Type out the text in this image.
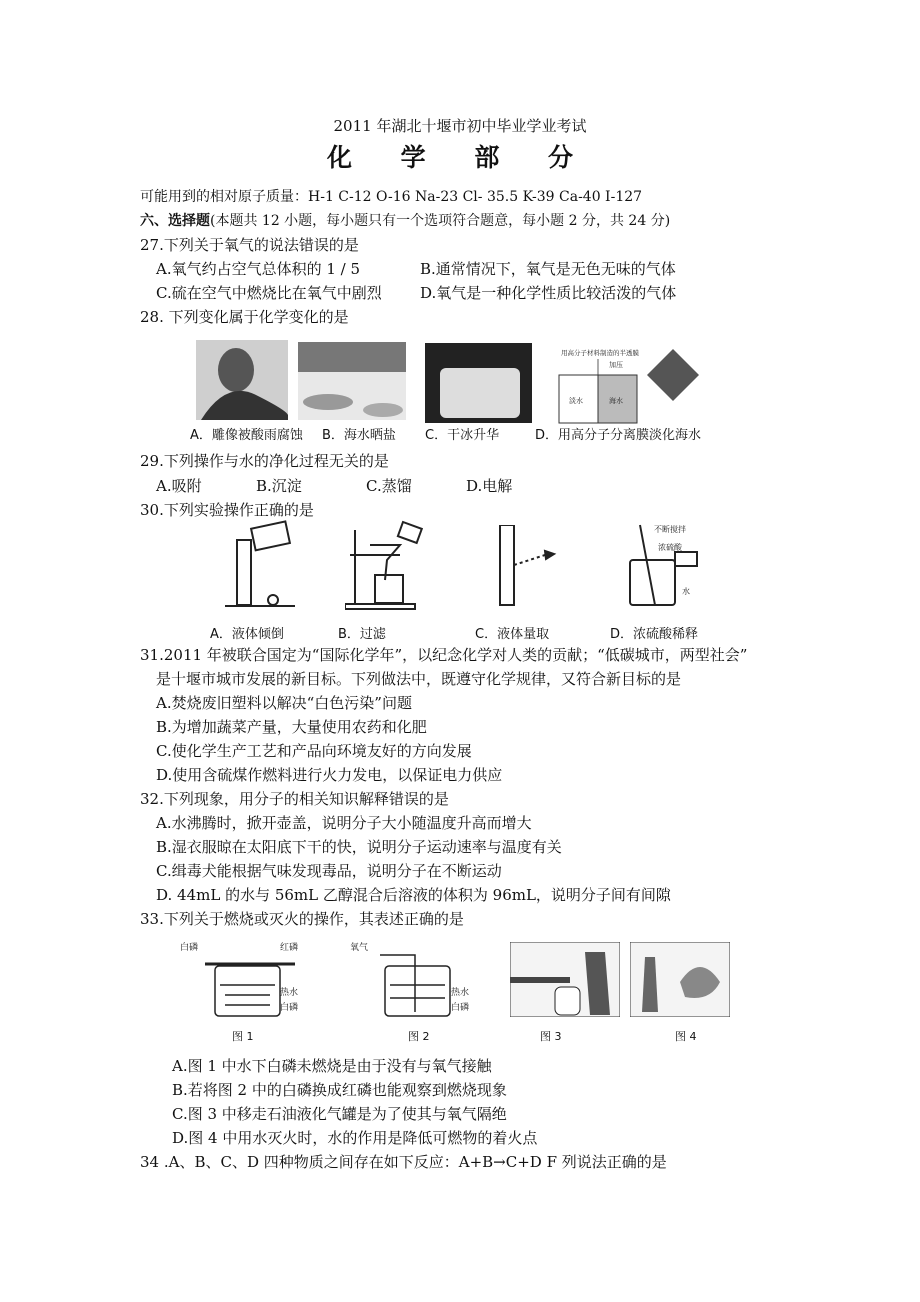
2011 年湖北十堰市初中毕业学业考试
化 学 部 分
可能用到的相对原子质量：H-1 C-12 O-16 Na-23 Cl- 35.5 K-39 Ca-40 I-127
六、选择题(本题共 12 小题，每小题只有一个选项符合题意，每小题 2 分，共 24 分)
27.下列关于氧气的说法错误的是
A.氧气约占空气总体积的 1 / 5	B.通常情况下，氧气是无色无味的气体
C.硫在空气中燃烧比在氧气中剧烈	D.氧气是一种化学性质比较活泼的气体
28. 下列变化属于化学变化的是
用高分子材料制造的半透膜
加压
淡水	海水
A．雕像被酸雨腐蚀 B．海水晒盐 C．干冰升华	D．用高分子分离膜淡化海水
29.下列操作与水的净化过程无关的是
A.吸附	B.沉淀	C.蒸馏	D.电解
30.下列实验操作正确的是
不断搅拌
浓硫酸
水
A．液体倾倒	B．过滤	C．液体量取	D．浓硫酸稀释
31.2011 年被联合国定为“国际化学年”，以纪念化学对人类的贡献；“低碳城市，两型社会”
是十堰市城市发展的新目标。下列做法中，既遵守化学规律，又符合新目标的是
A.焚烧废旧塑料以解决“白色污染”问题
B.为增加蔬菜产量，大量使用农药和化肥
C.使化学生产工艺和产品向环境友好的方向发展
D.使用含硫煤作燃料进行火力发电，以保证电力供应
32.下列现象，用分子的相关知识解释错误的是
A.水沸腾时，掀开壶盖，说明分子大小随温度升高而增大
B.湿衣服晾在太阳底下干的快，说明分子运动速率与温度有关
C.缉毒犬能根据气味发现毒品，说明分子在不断运动
D. 44mL 的水与 56mL 乙醇混合后溶液的体积为 96mL，说明分子间有间隙
33.下列关于燃烧或灭火的操作，其表述正确的是
白磷	红磷
热水
白磷
氧气
热水
白磷
图 1	图 2	图 3	图 4
A.图 1 中水下白磷未燃烧是由于没有与氧气接触
B.若将图 2 中的白磷换成红磷也能观察到燃烧现象
C.图 3 中移走石油液化气罐是为了使其与氧气隔绝
D.图 4 中用水灭火时，水的作用是降低可燃物的着火点
34 .A、B、C、D 四种物质之间存在如下反应：A+B→C+D F 列说法正确的是
